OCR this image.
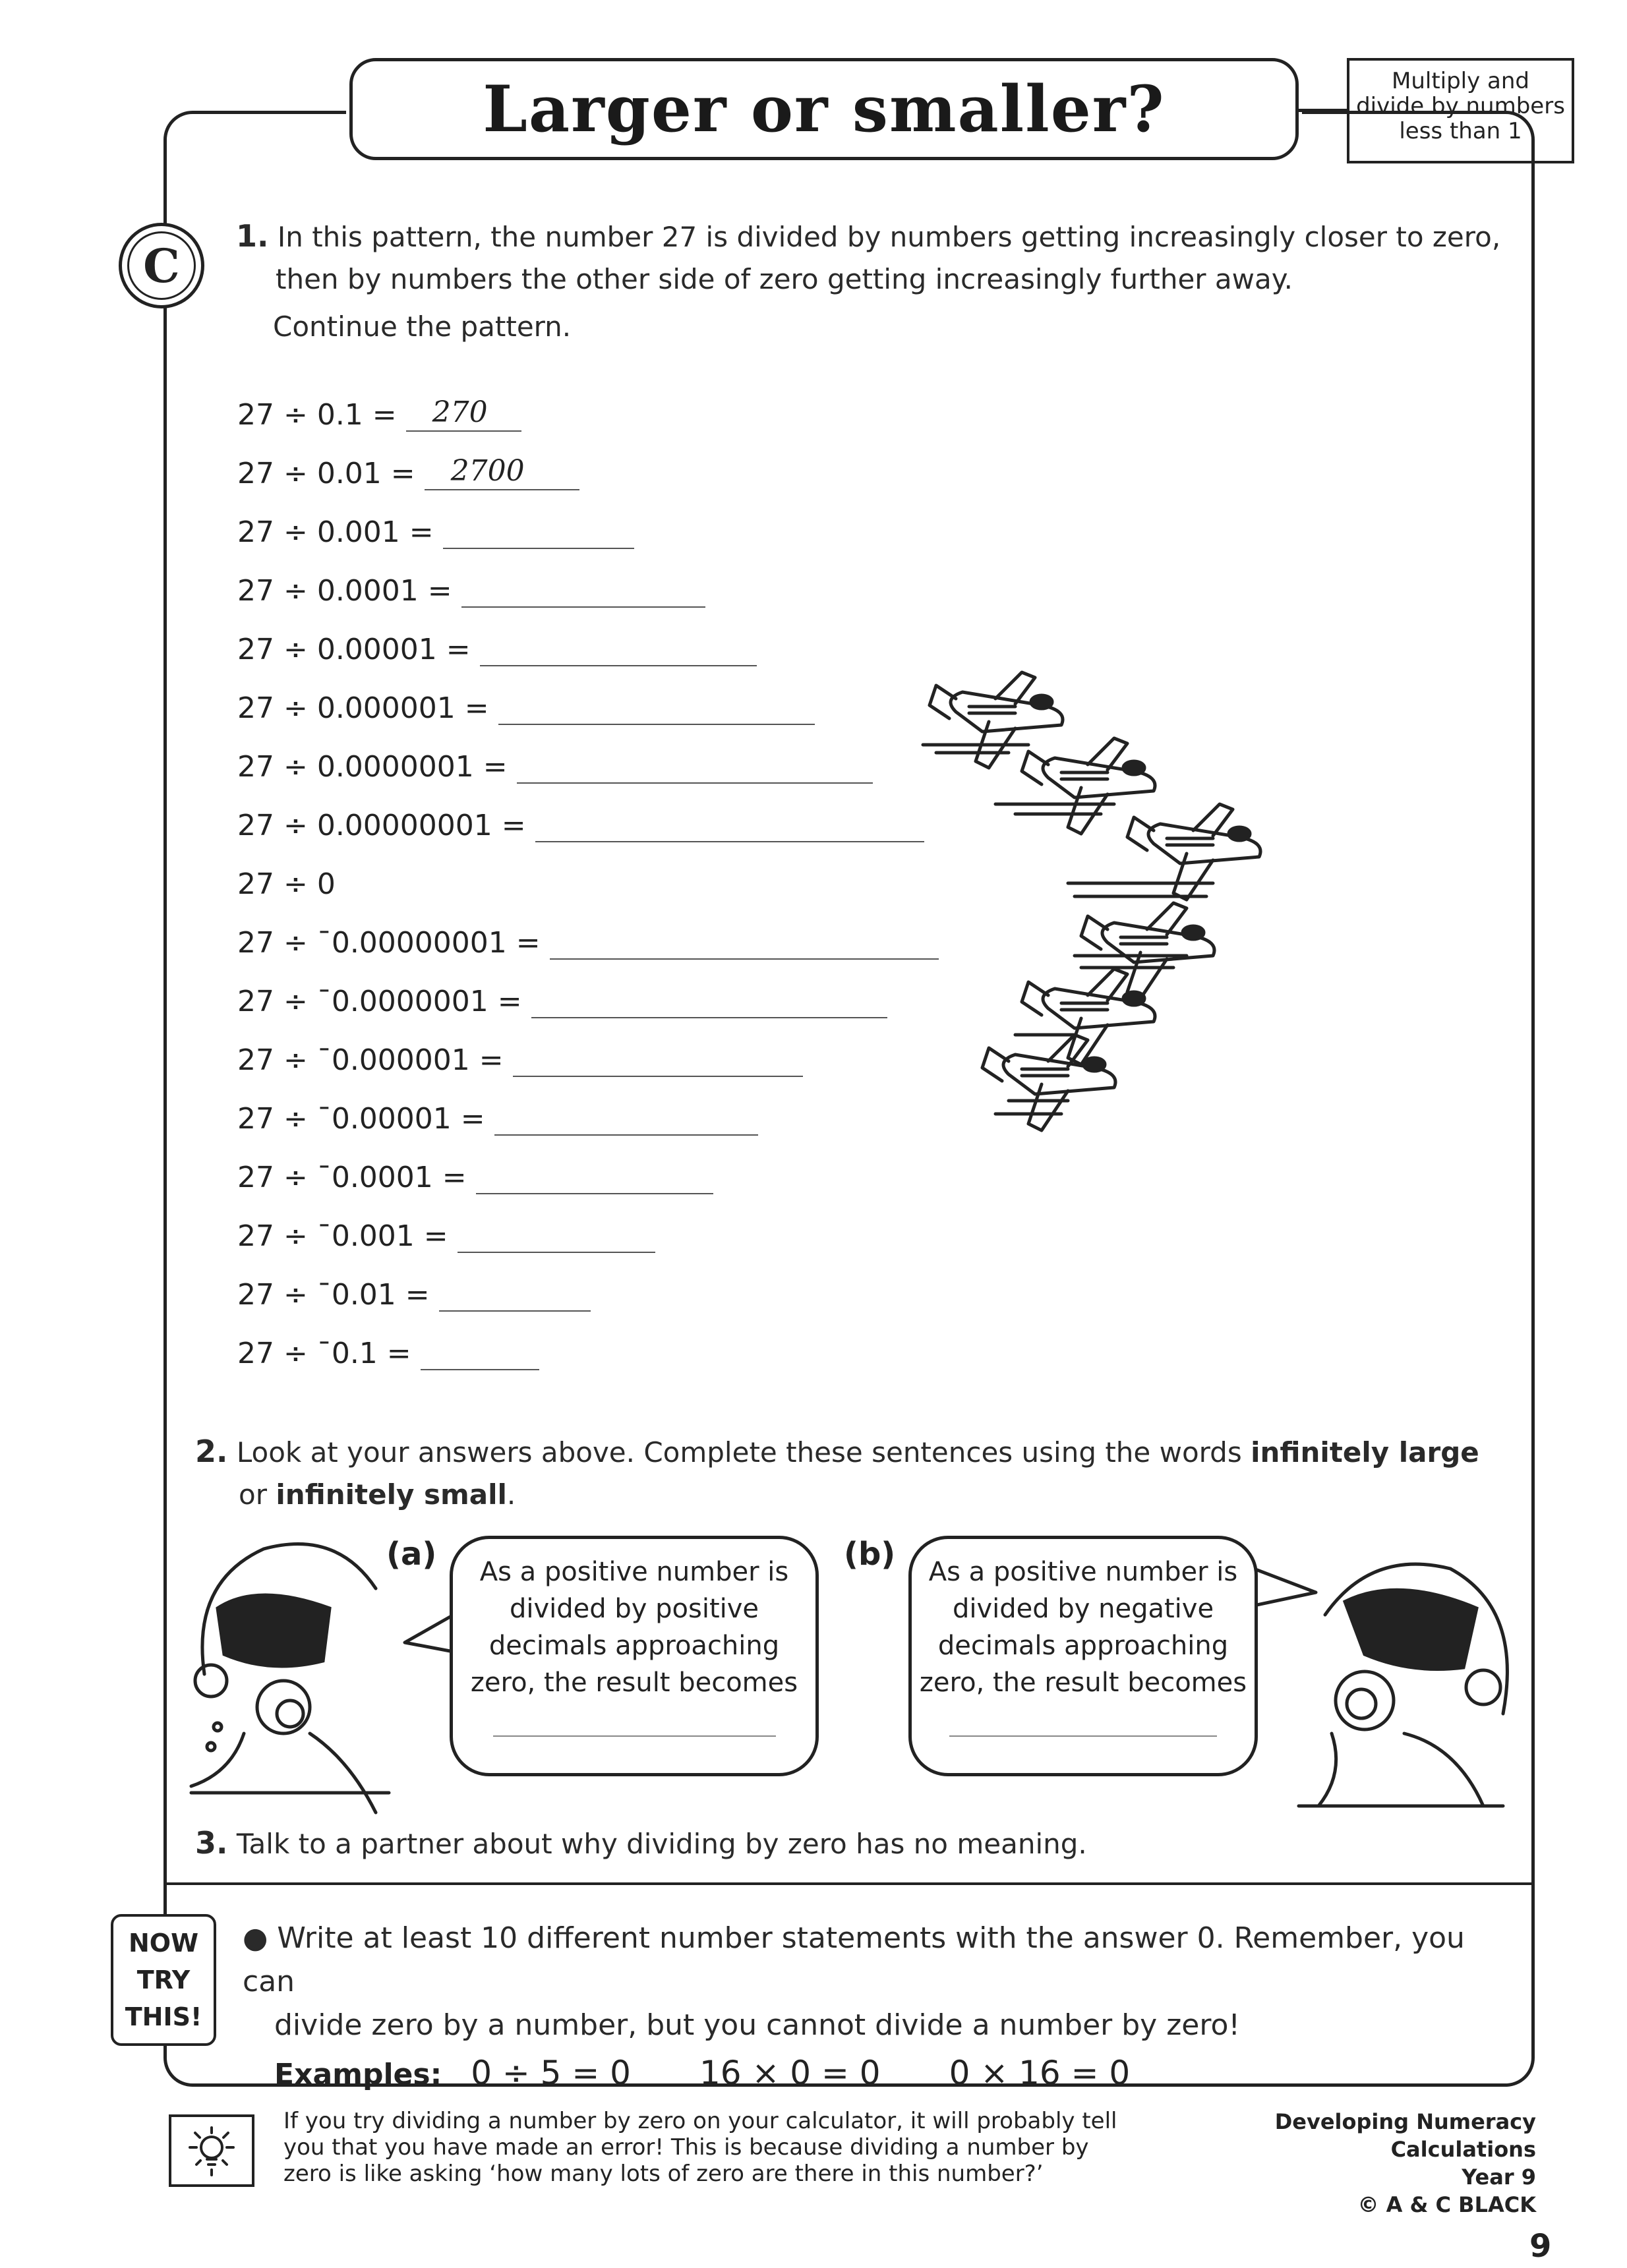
Larger or smaller?	Multiply and
divide by numbers
less than 1
C
1. In this pattern, the number 27 is divided by numbers getting increasingly closer to zero,
then by numbers the other side of zero getting increasingly further away.
Continue the pattern.
27 ÷ 0.1 = 270
27 ÷ 0.01 = 2700
27 ÷ 0.001 =
27 ÷ 0.0001 =
27 ÷ 0.00001 =
27 ÷ 0.000001 =
27 ÷ 0.0000001 =
27 ÷ 0.00000001 =
27 ÷ 0
27 ÷ ¯0.00000001 =
27 ÷ ¯0.0000001 =
27 ÷ ¯0.000001 =
27 ÷ ¯0.00001 =
27 ÷ ¯0.0001 =
27 ÷ ¯0.001 =
27 ÷ ¯0.01 =
27 ÷ ¯0.1 =
2. Look at your answers above. Complete these sentences using the words infinitely large
or infinitely small.
(a)	As a positive number is
divided by positive
decimals approaching
zero, the result becomes
(b)	As a positive number is
divided by negative
decimals approaching
zero, the result becomes
3. Talk to a partner about why dividing by zero has no meaning.
NOW
TRY
THIS!
● Write at least 10 different number statements with the answer 0. Remember, you can
divide zero by a number, but you cannot divide a number by zero!
Examples: 0 ÷ 5 = 0 16 × 0 = 0 0 × 16 = 0
If you try dividing a number by zero on your calculator, it will probably tell
you that you have made an error! This is because dividing a number by
zero is like asking ‘how many lots of zero are there in this number?’
Developing Numeracy
Calculations
Year 9
© A & C BLACK
9
